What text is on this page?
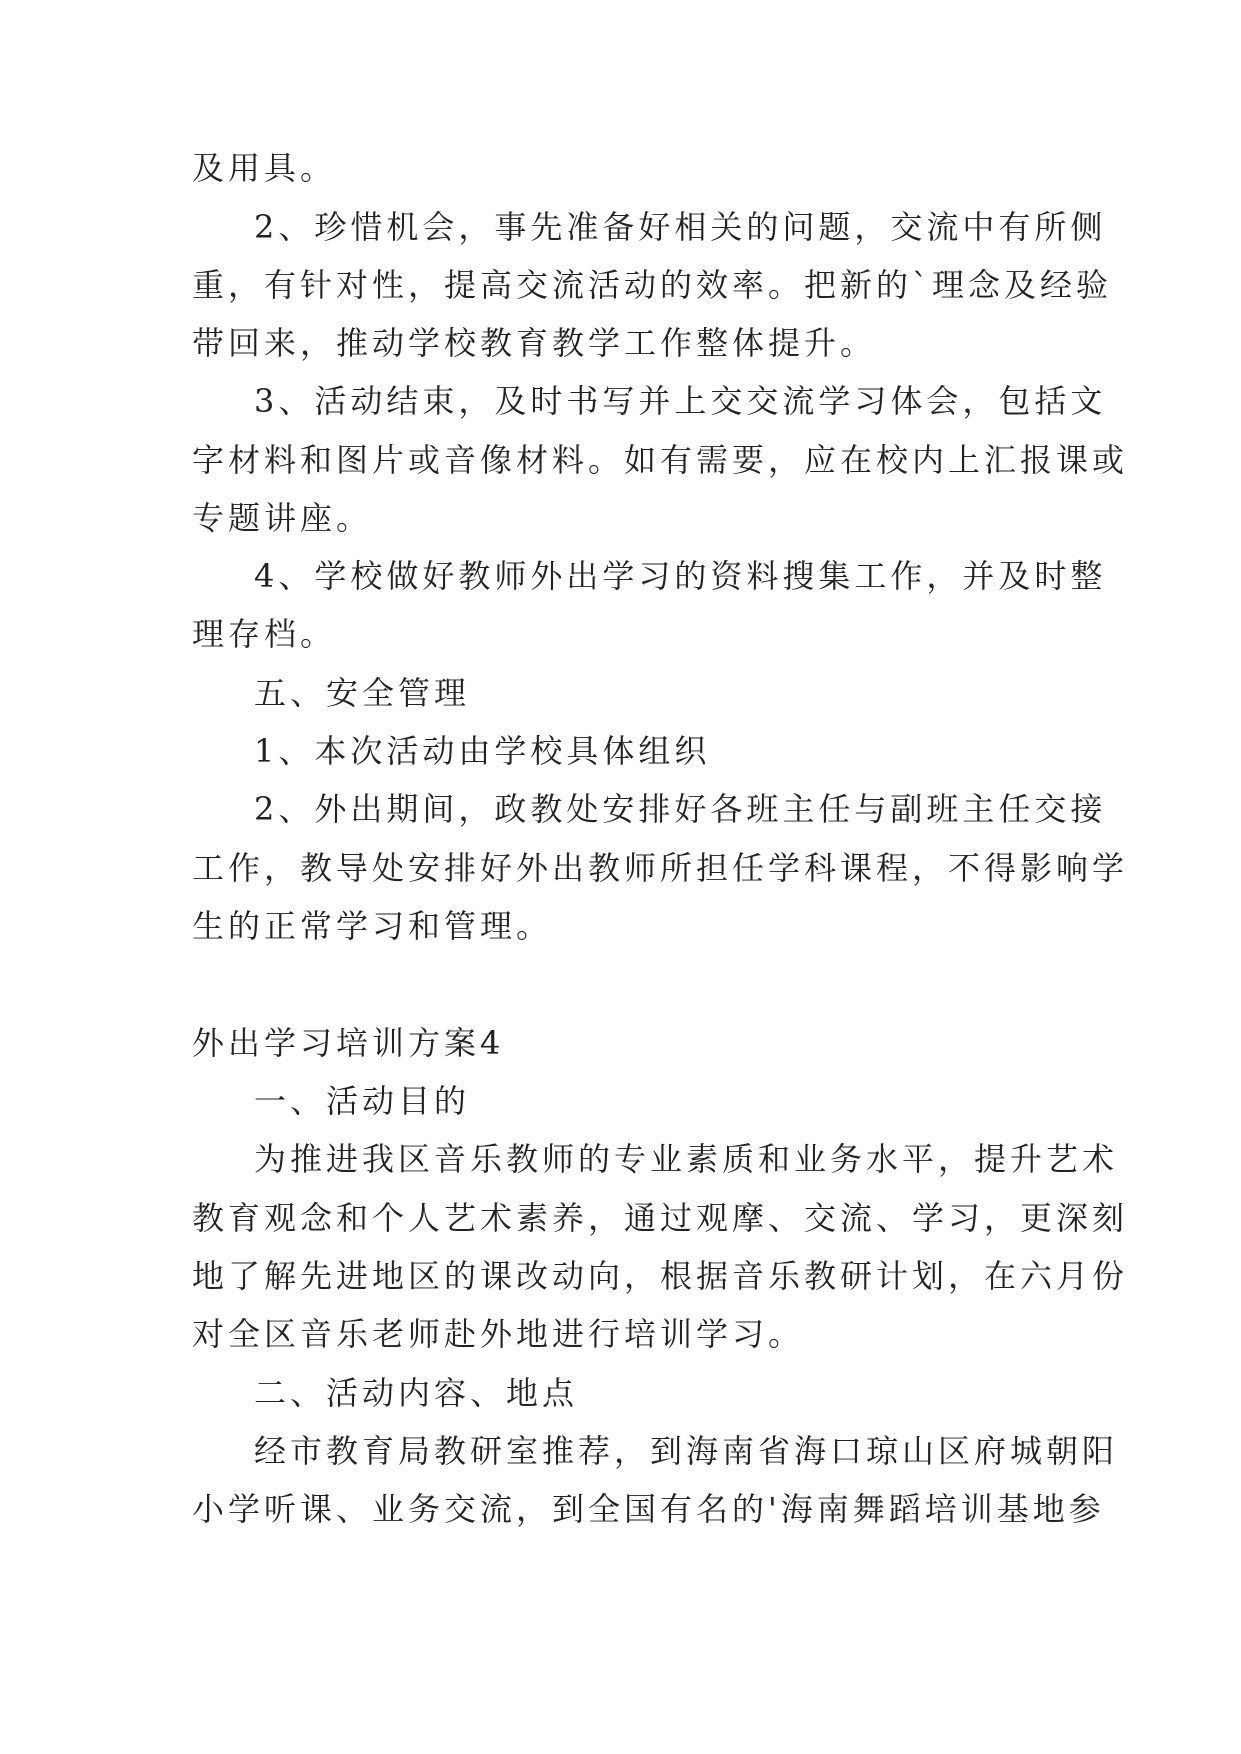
及用具。

2、珍惜机会，事先准备好相关的问题，交流中有所侧

重，有针对性，提高交流活动的效率。把新的`理念及经验

带回来，推动学校教育教学工作整体提升。

3、活动结束，及时书写并上交交流学习体会，包括文

字材料和图片或音像材料。如有需要，应在校内上汇报课或

专题讲座。

4、学校做好教师外出学习的资料搜集工作，并及时整

理存档。

五、安全管理

1、本次活动由学校具体组织

2、外出期间，政教处安排好各班主任与副班主任交接

工作，教导处安排好外出教师所担任学科课程，不得影响学

生的正常学习和管理。

外出学习培训方案4

一、活动目的

为推进我区音乐教师的专业素质和业务水平，提升艺术

教育观念和个人艺术素养，通过观摩、交流、学习，更深刻

地了解先进地区的课改动向，根据音乐教研计划，在六月份

对全区音乐老师赴外地进行培训学习。

二、活动内容、地点

经市教育局教研室推荐，到海南省海口琼山区府城朝阳

小学听课、业务交流，到全国有名的'海南舞蹈培训基地参
